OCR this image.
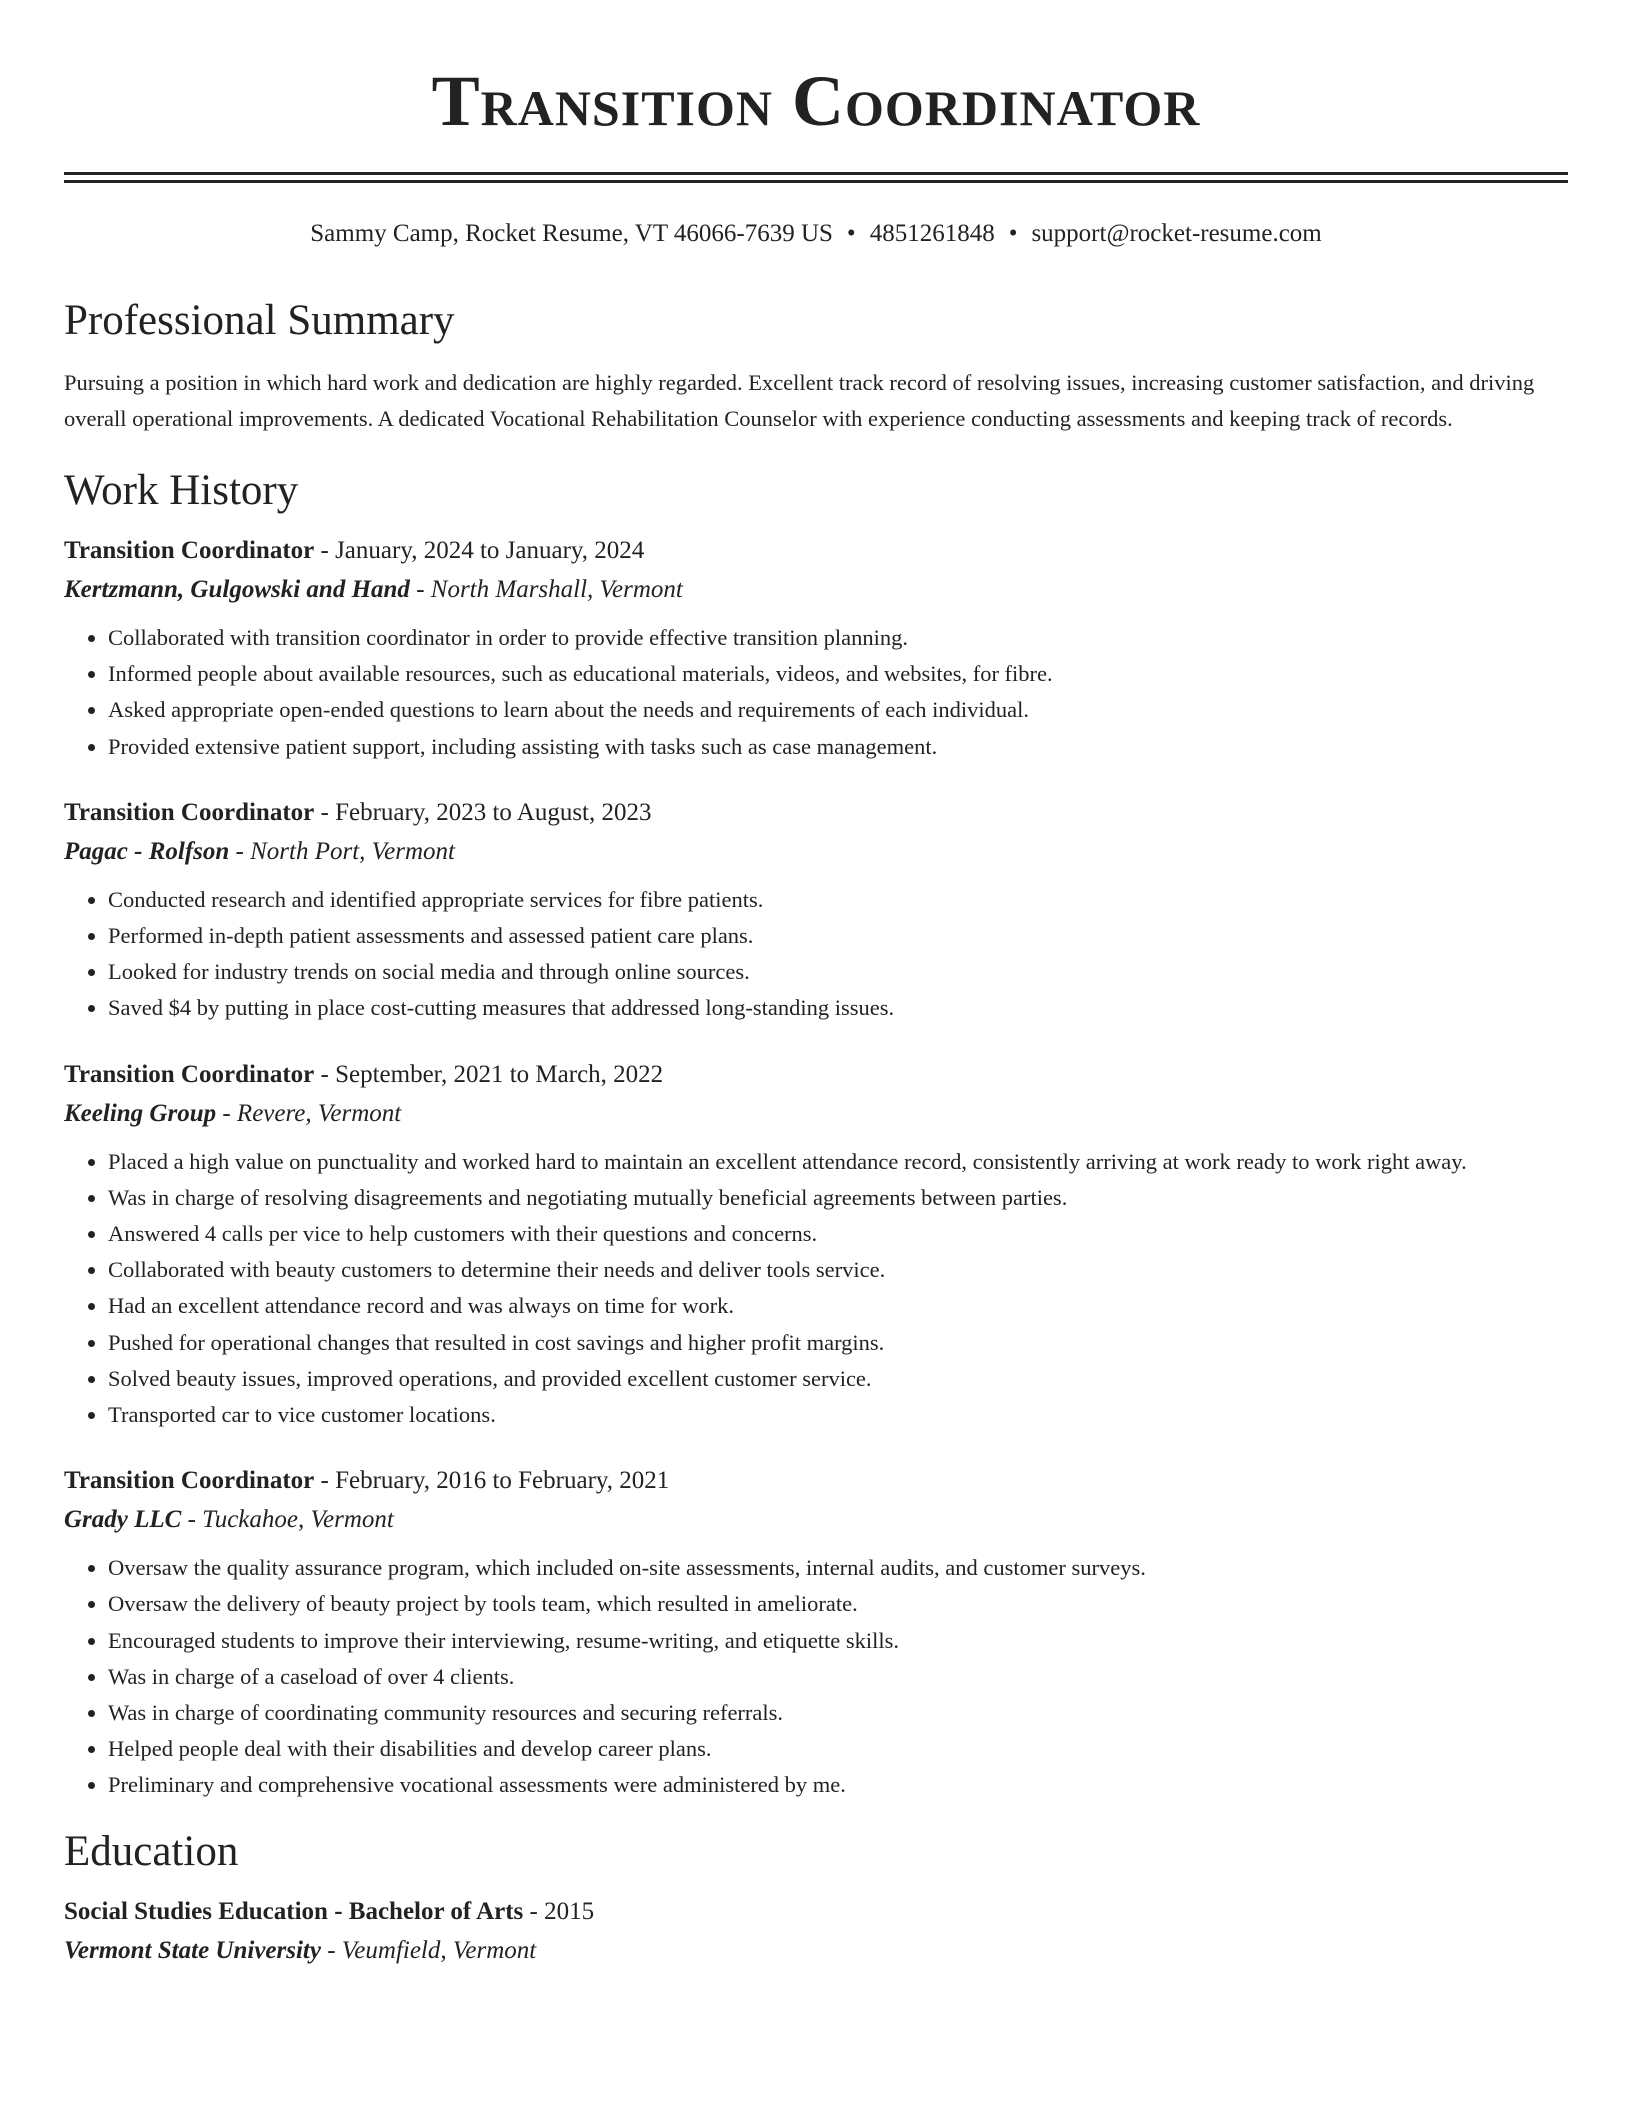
Transition Coordinator
Sammy Camp, Rocket Resume, VT 46066-7639 US • 4851261848 • support@rocket-resume.com
Professional Summary
Pursuing a position in which hard work and dedication are highly regarded. Excellent track record of resolving issues, increasing customer satisfaction, and driving overall operational improvements. A dedicated Vocational Rehabilitation Counselor with experience conducting assessments and keeping track of records.
Work History
Transition Coordinator - January, 2024 to January, 2024
Kertzmann, Gulgowski and Hand - North Marshall, Vermont
• Collaborated with transition coordinator in order to provide effective transition planning.
• Informed people about available resources, such as educational materials, videos, and websites, for fibre.
• Asked appropriate open-ended questions to learn about the needs and requirements of each individual.
• Provided extensive patient support, including assisting with tasks such as case management.
Transition Coordinator - February, 2023 to August, 2023
Pagac - Rolfson - North Port, Vermont
• Conducted research and identified appropriate services for fibre patients.
• Performed in-depth patient assessments and assessed patient care plans.
• Looked for industry trends on social media and through online sources.
• Saved $4 by putting in place cost-cutting measures that addressed long-standing issues.
Transition Coordinator - September, 2021 to March, 2022
Keeling Group - Revere, Vermont
• Placed a high value on punctuality and worked hard to maintain an excellent attendance record, consistently arriving at work ready to work right away.
• Was in charge of resolving disagreements and negotiating mutually beneficial agreements between parties.
• Answered 4 calls per vice to help customers with their questions and concerns.
• Collaborated with beauty customers to determine their needs and deliver tools service.
• Had an excellent attendance record and was always on time for work.
• Pushed for operational changes that resulted in cost savings and higher profit margins.
• Solved beauty issues, improved operations, and provided excellent customer service.
• Transported car to vice customer locations.
Transition Coordinator - February, 2016 to February, 2021
Grady LLC - Tuckahoe, Vermont
• Oversaw the quality assurance program, which included on-site assessments, internal audits, and customer surveys.
• Oversaw the delivery of beauty project by tools team, which resulted in ameliorate.
• Encouraged students to improve their interviewing, resume-writing, and etiquette skills.
• Was in charge of a caseload of over 4 clients.
• Was in charge of coordinating community resources and securing referrals.
• Helped people deal with their disabilities and develop career plans.
• Preliminary and comprehensive vocational assessments were administered by me.
Education
Social Studies Education - Bachelor of Arts - 2015
Vermont State University - Veumfield, Vermont
